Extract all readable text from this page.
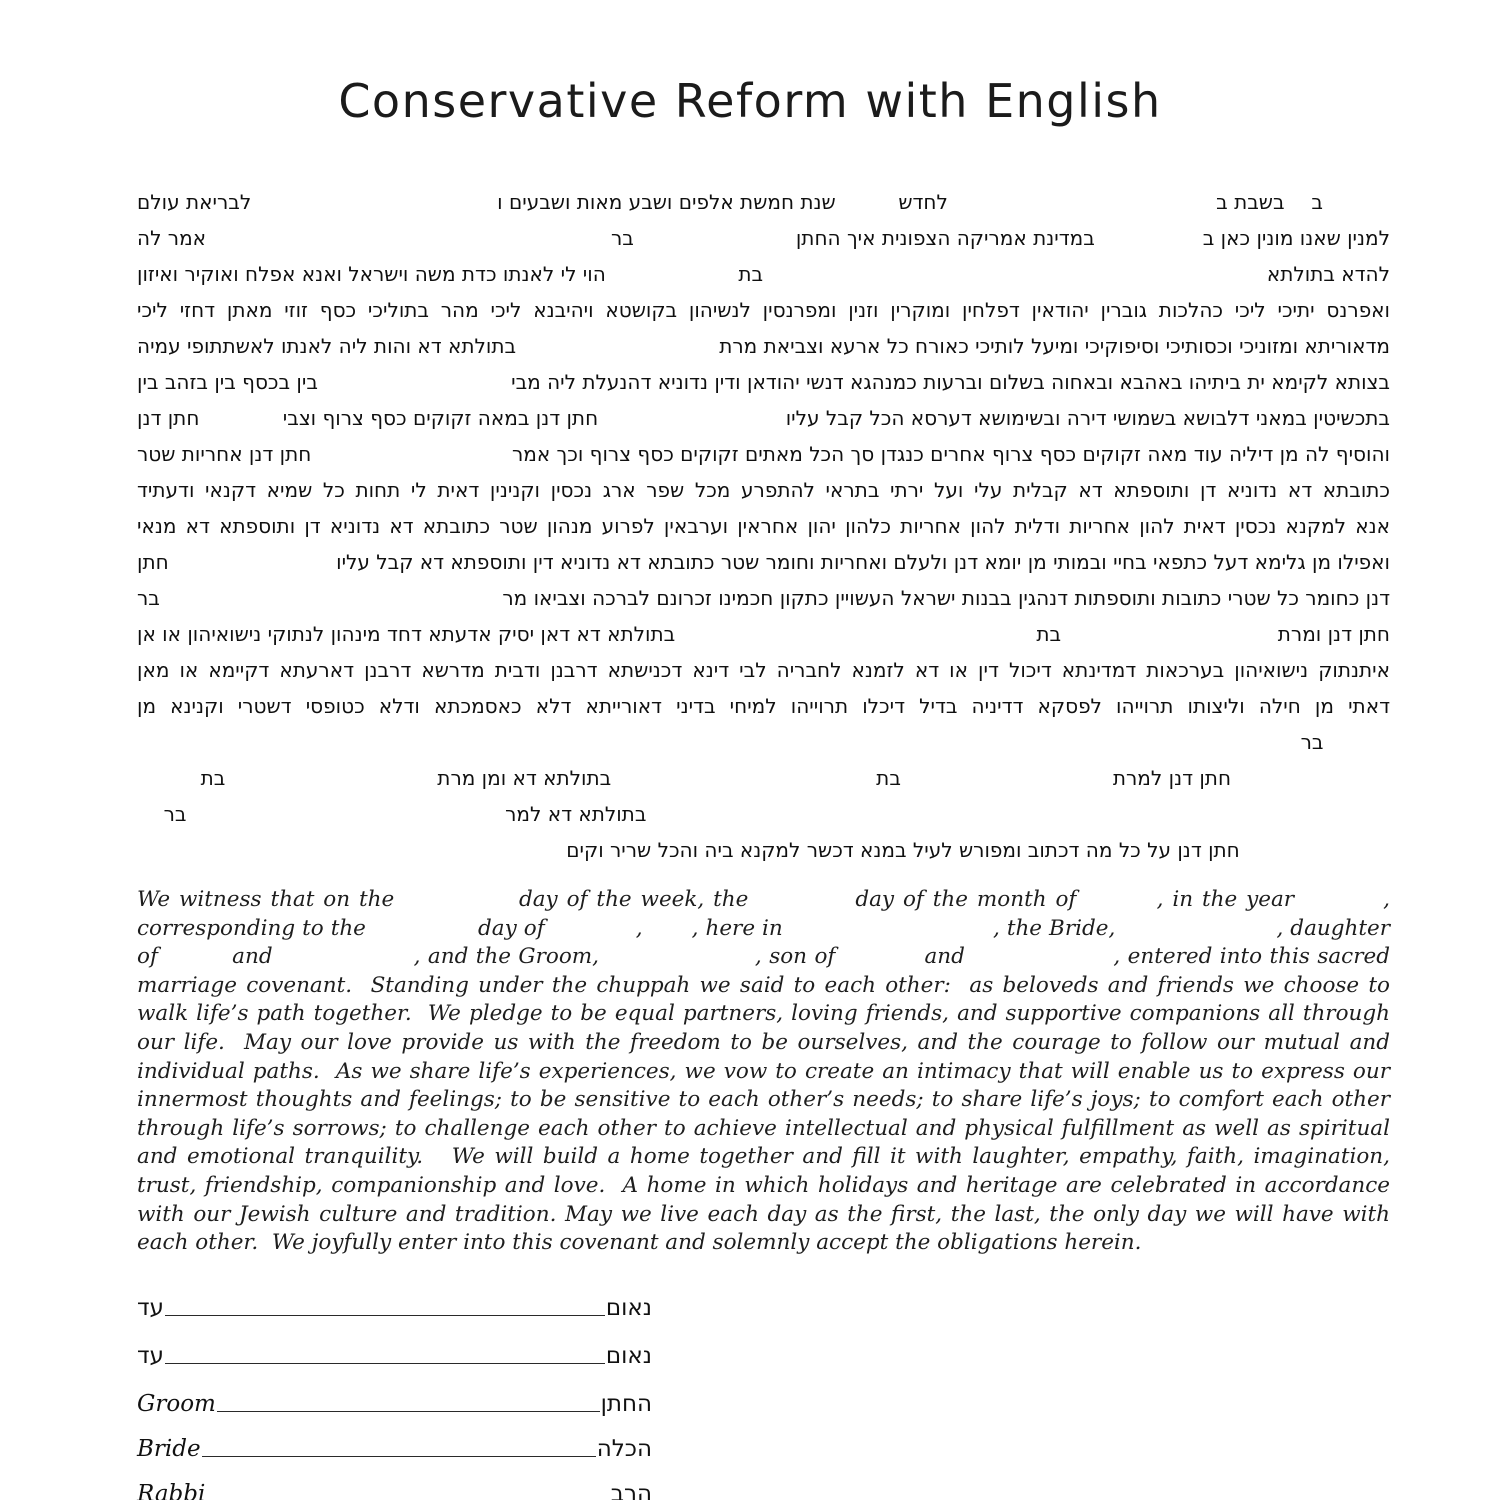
Conservative Reform with English
ב
בשבת ב
לחדש
שנת חמשת אלפים ושבע מאות ושבעים ו
לבריאת עולם
למנין שאנו מונין כאן ב
במדינת אמריקה הצפונית איך החתן
בר
אמר לה
להדא בתולתא
בת
הוי לי לאנתו כדת משה וישראל ואנא אפלח ואוקיר ואיזון
ואפרנס יתיכי ליכי כהלכות גוברין יהודאין דפלחין ומוקרין וזנין ומפרנסין לנשיהון בקושטא ויהיבנא ליכי מהר בתוליכי כסף זוזי מאתן דחזי ליכי
מדאוריתא ומזוניכי וכסותיכי וסיפוקיכי ומיעל לותיכי כאורח כל ארעא וצביאת מרת
בתולתא דא והות ליה לאנתו לאשתתופי עמיה
בצותא לקימא ית ביתיהו באהבא ובאחוה בשלום וברעות כמנהגא דנשי יהודאן ודין נדוניא דהנעלת ליה מבי
בין בכסף בין בזהב בין
בתכשיטין במאני דלבושא בשמושי דירה ובשימושא דערסא הכל קבל עליו
חתן דנן במאה זקוקים כסף צרוף וצבי
חתן דנן
והוסיף לה מן דיליה עוד מאה זקוקים כסף צרוף אחרים כנגדן סך הכל מאתים זקוקים כסף צרוף וכך אמר
חתן דנן אחריות שטר
כתובתא דא נדוניא דן ותוספתא דא קבלית עלי ועל ירתי בתראי להתפרע מכל שפר ארג נכסין וקנינין דאית לי תחות כל שמיא דקנאי ודעתיד
אנא למקנא נכסין דאית להון אחריות ודלית להון אחריות כלהון יהון אחראין וערבאין לפרוע מנהון שטר כתובתא דא נדוניא דן ותוספתא דא מנאי
ואפילו מן גלימא דעל כתפאי בחיי ובמותי מן יומא דנן ולעלם ואחריות וחומר שטר כתובתא דא נדוניא דין ותוספתא דא קבל עליו
חתן
דנן כחומר כל שטרי כתובות ותוספתות דנהגין בבנות ישראל העשויין כתקון חכמינו זכרונם לברכה וצביאו מר
בר
חתן דנן ומרת
בת
בתולתא דא דאן יסיק אדעתא דחד מינהון לנתוקי נישואיהון או אן
איתנתוק נישואיהון בערכאות דמדינתא דיכול דין או דא לזמנא לחבריה לבי דינא דכנישתא דרבנן ודבית מדרשא דרבנן דארעתא דקיימא או מאן
דאתי מן חילה וליצותו תרוייהו לפסקא דדיניה בדיל דיכלו תרוייהו למיחי בדיני דאורייתא דלא כאסמכתא ודלא כטופסי דשטרי וקנינא מן
בר
חתן דנן למרת
בת
בתולתא דא ומן מרת
בת
בתולתא דא למר
בר
חתן דנן על כל מה דכתוב ומפורש לעיל במנא דכשר למקנא ביה והכל שריר וקים

We witness that on the              day of the week, the            day of the month of         , in the year          , corresponding to the                day of             ,       , here in                              , the Bride,                       , daughter of          and                   , and the Groom,                     , son of            and                    , entered into this sacred marriage covenant.  Standing under the chuppah we said to each other:  as beloveds and friends we choose to walk life’s path together.  We pledge to be equal partners, loving friends, and supportive companions all through our life.  May our love provide us with the freedom to be ourselves, and the courage to follow our mutual and individual paths.  As we share life’s experiences, we vow to create an intimacy that will enable us to express our innermost thoughts and feelings; to be sensitive to each other’s needs; to share life’s joys; to comfort each other through life’s sorrows; to challenge each other to achieve intellectual and physical fulfillment as well as spiritual and emotional tranquility.   We will build a home together and fill it with laughter, empathy, faith, imagination, trust, friendship, companionship and love.  A home in which holidays and heritage are celebrated in accordance with our Jewish culture and tradition. May we live each day as the first, the last, the only day we will have with each other.  We joyfully enter into this covenant and solemnly accept the obligations herein.

עד	נאום
עד	נאום
Groom	החתן
Bride	הכלה
Rabbi	הרב
